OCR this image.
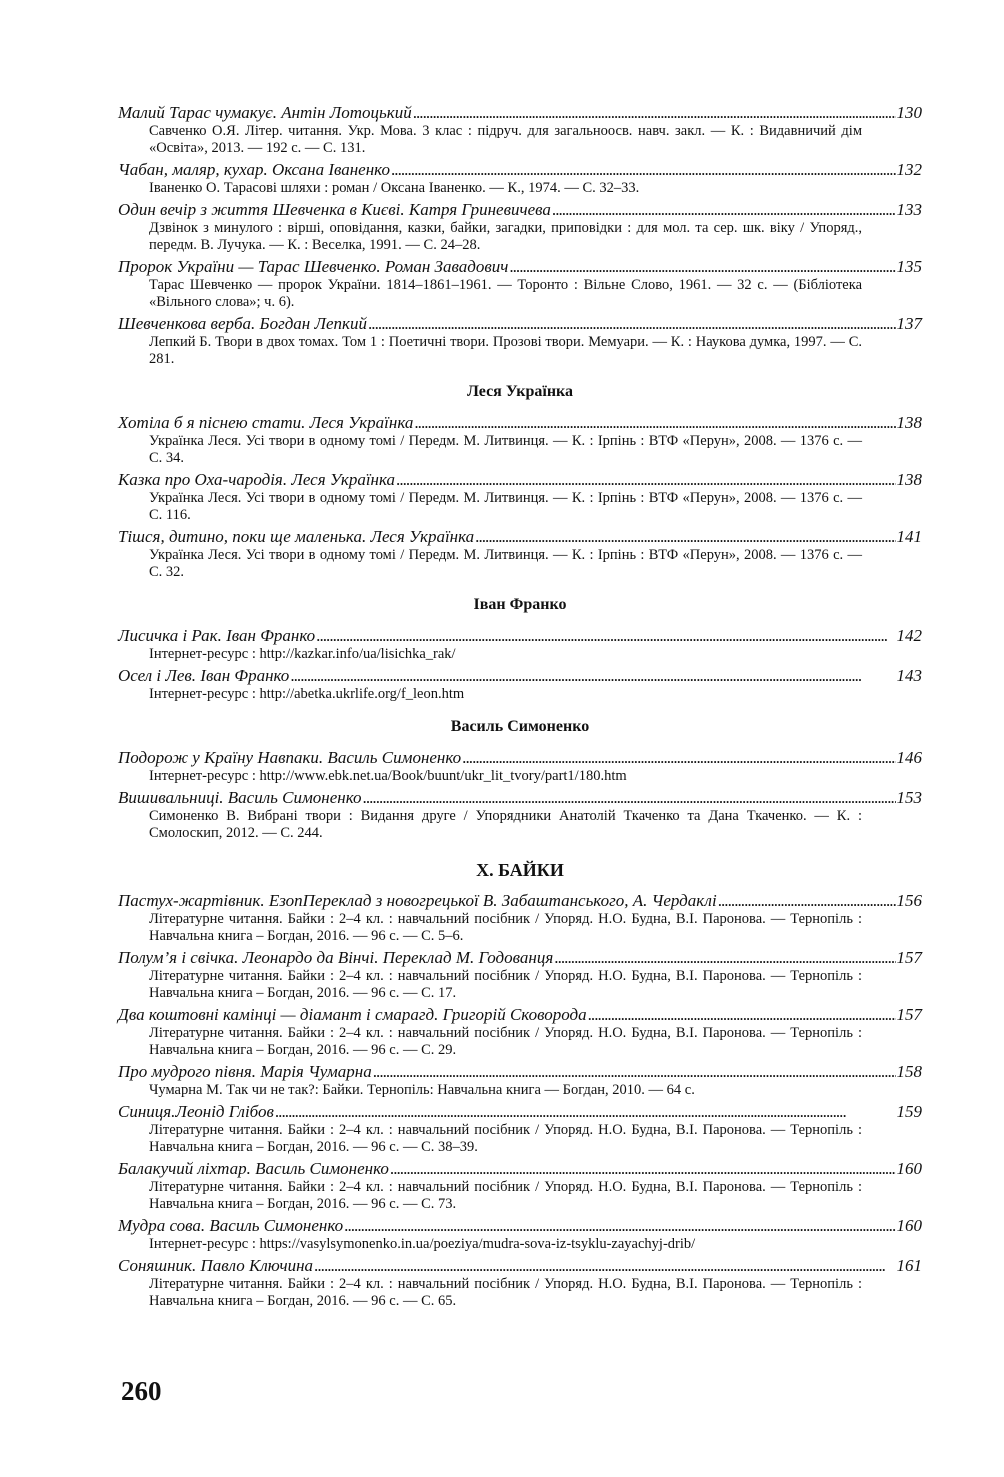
Малий Тарас чумакує. Антін Лотоцький . . .	130
Савченко О.Я. Літер. читання. Укр. Мова. 3 клас : підруч. для загальноосв. навч. закл. — К. : Видавничий дім «Освіта», 2013. — 192 с. — С. 131.
Чабан, маляр, кухар. Оксана Іваненко . . .	132
Іваненко О. Тарасові шляхи : роман / Оксана Іваненко. — К., 1974. — С. 32–33.
Один вечір з життя Шевченка в Києві. Катря Гриневичева . . .	133
Дзвінок з минулого : вірші, оповідання, казки, байки, загадки, приповідки : для мол. та сер. шк. віку / Упоряд., передм. В. Лучука. — К. : Веселка, 1991. — С. 24–28.
Пророк України — Тарас Шевченко. Роман Завадович . . .	135
Тарас Шевченко — пророк України. 1814–1861–1961. — Торонто : Вільне Слово, 1961. — 32 с. — (Бібліотека «Вільного слова»; ч. 6).
Шевченкова верба. Богдан Лепкий . . .	137
Лепкий Б. Твори в двох томах. Том 1 : Поетичні твори. Прозові твори. Мемуари. — К. : Наукова думка, 1997. — С. 281.
Леся Українка
Хотіла б я піснею стати. Леся Українка . . .	138
Українка Леся. Усі твори в одному томі / Передм. М. Литвинця. — К. : Ірпінь : ВТФ «Перун», 2008. — 1376 с. — С. 34.
Казка про Оха-чародія. Леся Українка . . .	138
Українка Леся. Усі твори в одному томі / Передм. М. Литвинця. — К. : Ірпінь : ВТФ «Перун», 2008. — 1376 с. — С. 116.
Тішся, дитино, поки ще маленька. Леся Українка . . .	141
Українка Леся. Усі твори в одному томі / Передм. М. Литвинця. — К. : Ірпінь : ВТФ «Перун», 2008. — 1376 с. — С. 32.
Іван Франко
Лисичка і Рак. Іван Франко . . .	142
Інтернет-ресурс : http://kazkar.info/ua/lisichka_rak/
Осел і Лев. Іван Франко . . .	143
Інтернет-ресурс : http://abetka.ukrlife.org/f_leon.htm
Василь Симоненко
Подорож у Країну Навпаки. Василь Симоненко . . .	146
Інтернет-ресурс : http://www.ebk.net.ua/Book/buunt/ukr_lit_tvory/part1/180.htm
Вишивальниці. Василь Симоненко . . .	153
Симоненко В. Вибрані твори : Видання друге / Упорядники Анатолій Ткаченко та Дана Ткаченко. — К. : Смолоскип, 2012. — С. 244.
X. БАЙКИ
Пастух-жартівник. ЕзопПереклад з новогрецької В. Забаштанського, А. Чердаклі . . .	156
Літературне читання. Байки : 2–4 кл. : навчальний посібник / Упоряд. Н.О. Будна, В.І. Паронова. — Тернопіль : Навчальна книга – Богдан, 2016. — 96 с. — С. 5–6.
Полум’я і свічка. Леонардо да Вінчі. Переклад М. Годованця . . .	157
Літературне читання. Байки : 2–4 кл. : навчальний посібник / Упоряд. Н.О. Будна, В.І. Паронова. — Тернопіль : Навчальна книга – Богдан, 2016. — 96 с. — С. 17.
Два коштовні камінці — діамант і смарагд. Григорій Сковорода . . .	157
Літературне читання. Байки : 2–4 кл. : навчальний посібник / Упоряд. Н.О. Будна, В.І. Паронова. — Тернопіль : Навчальна книга – Богдан, 2016. — 96 с. — С. 29.
Про мудрого півня. Марія Чумарна . . .	158
Чумарна М. Так чи не так?: Байки. Тернопіль: Навчальна книга — Богдан, 2010. — 64 с.
Синиця.Леонід Глібов . . .	159
Літературне читання. Байки : 2–4 кл. : навчальний посібник / Упоряд. Н.О. Будна, В.І. Паронова. — Тернопіль : Навчальна книга – Богдан, 2016. — 96 с. — С. 38–39.
Балакучий ліхтар. Василь Симоненко . . .	160
Літературне читання. Байки : 2–4 кл. : навчальний посібник / Упоряд. Н.О. Будна, В.І. Паронова. — Тернопіль : Навчальна книга – Богдан, 2016. — 96 с. — С. 73.
Мудра сова. Василь Симоненко . . .	160
Інтернет-ресурс : https://vasylsymonenko.in.ua/poeziya/mudra-sova-iz-tsyklu-zayachyj-drib/
Соняшник. Павло Ключина . . .	161
Літературне читання. Байки : 2–4 кл. : навчальний посібник / Упоряд. Н.О. Будна, В.І. Паронова. — Тернопіль : Навчальна книга – Богдан, 2016. — 96 с. — С. 65.
260
